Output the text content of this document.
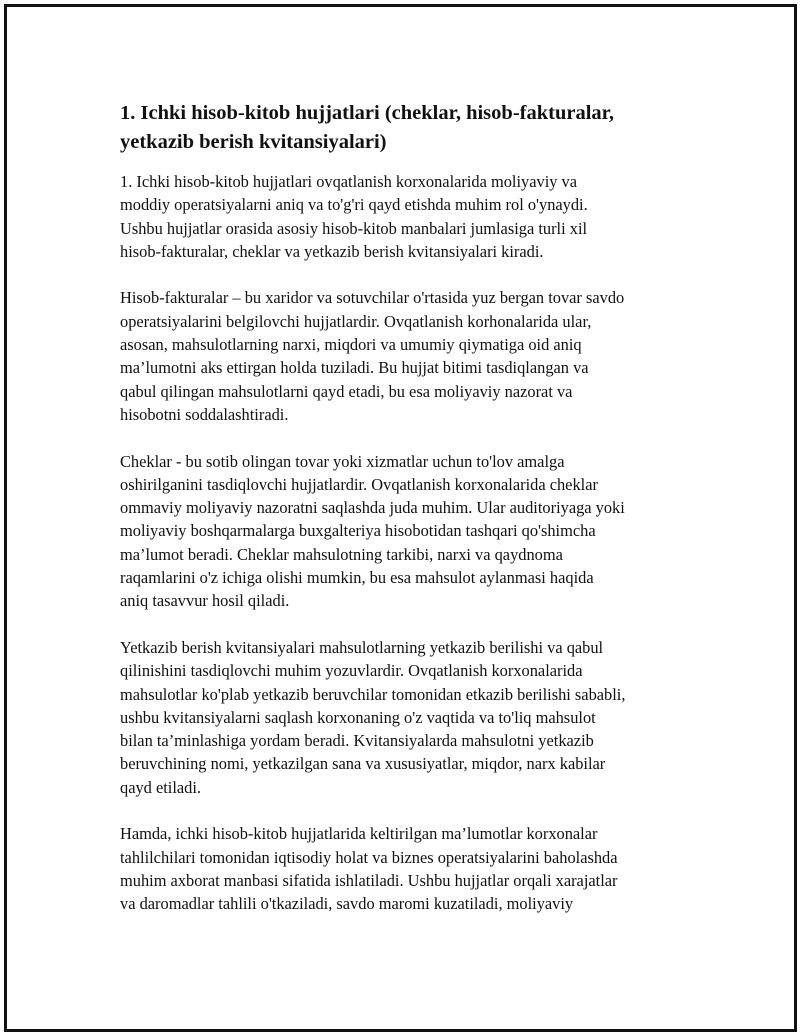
1. Ichki hisob-kitob hujjatlari (cheklar, hisob-fakturalar,
yetkazib berish kvitansiyalari)

1. Ichki hisob-kitob hujjatlari ovqatlanish korxonalarida moliyaviy va
moddiy operatsiyalarni aniq va to'g'ri qayd etishda muhim rol o'ynaydi.
Ushbu hujjatlar orasida asosiy hisob-kitob manbalari jumlasiga turli xil
hisob-fakturalar, cheklar va yetkazib berish kvitansiyalari kiradi.

Hisob-fakturalar – bu xaridor va sotuvchilar o'rtasida yuz bergan tovar savdo
operatsiyalarini belgilovchi hujjatlardir. Ovqatlanish korhonalarida ular,
asosan, mahsulotlarning narxi, miqdori va umumiy qiymatiga oid aniq
ma’lumotni aks ettirgan holda tuziladi. Bu hujjat bitimi tasdiqlangan va
qabul qilingan mahsulotlarni qayd etadi, bu esa moliyaviy nazorat va
hisobotni soddalashtiradi.

Cheklar - bu sotib olingan tovar yoki xizmatlar uchun to'lov amalga
oshirilganini tasdiqlovchi hujjatlardir. Ovqatlanish korxonalarida cheklar
ommaviy moliyaviy nazoratni saqlashda juda muhim. Ular auditoriyaga yoki
moliyaviy boshqarmalarga buxgalteriya hisobotidan tashqari qo'shimcha
ma’lumot beradi. Cheklar mahsulotning tarkibi, narxi va qaydnoma
raqamlarini o'z ichiga olishi mumkin, bu esa mahsulot aylanmasi haqida
aniq tasavvur hosil qiladi.

Yetkazib berish kvitansiyalari mahsulotlarning yetkazib berilishi va qabul
qilinishini tasdiqlovchi muhim yozuvlardir. Ovqatlanish korxonalarida
mahsulotlar ko'plab yetkazib beruvchilar tomonidan etkazib berilishi sababli,
ushbu kvitansiyalarni saqlash korxonaning o'z vaqtida va to'liq mahsulot
bilan ta’minlashiga yordam beradi. Kvitansiyalarda mahsulotni yetkazib
beruvchining nomi, yetkazilgan sana va xususiyatlar, miqdor, narx kabilar
qayd etiladi.

Hamda, ichki hisob-kitob hujjatlarida keltirilgan ma’lumotlar korxonalar
tahlilchilari tomonidan iqtisodiy holat va biznes operatsiyalarini baholashda
muhim axborat manbasi sifatida ishlatiladi. Ushbu hujjatlar orqali xarajatlar
va daromadlar tahlili o'tkaziladi, savdo maromi kuzatiladi, moliyaviy
